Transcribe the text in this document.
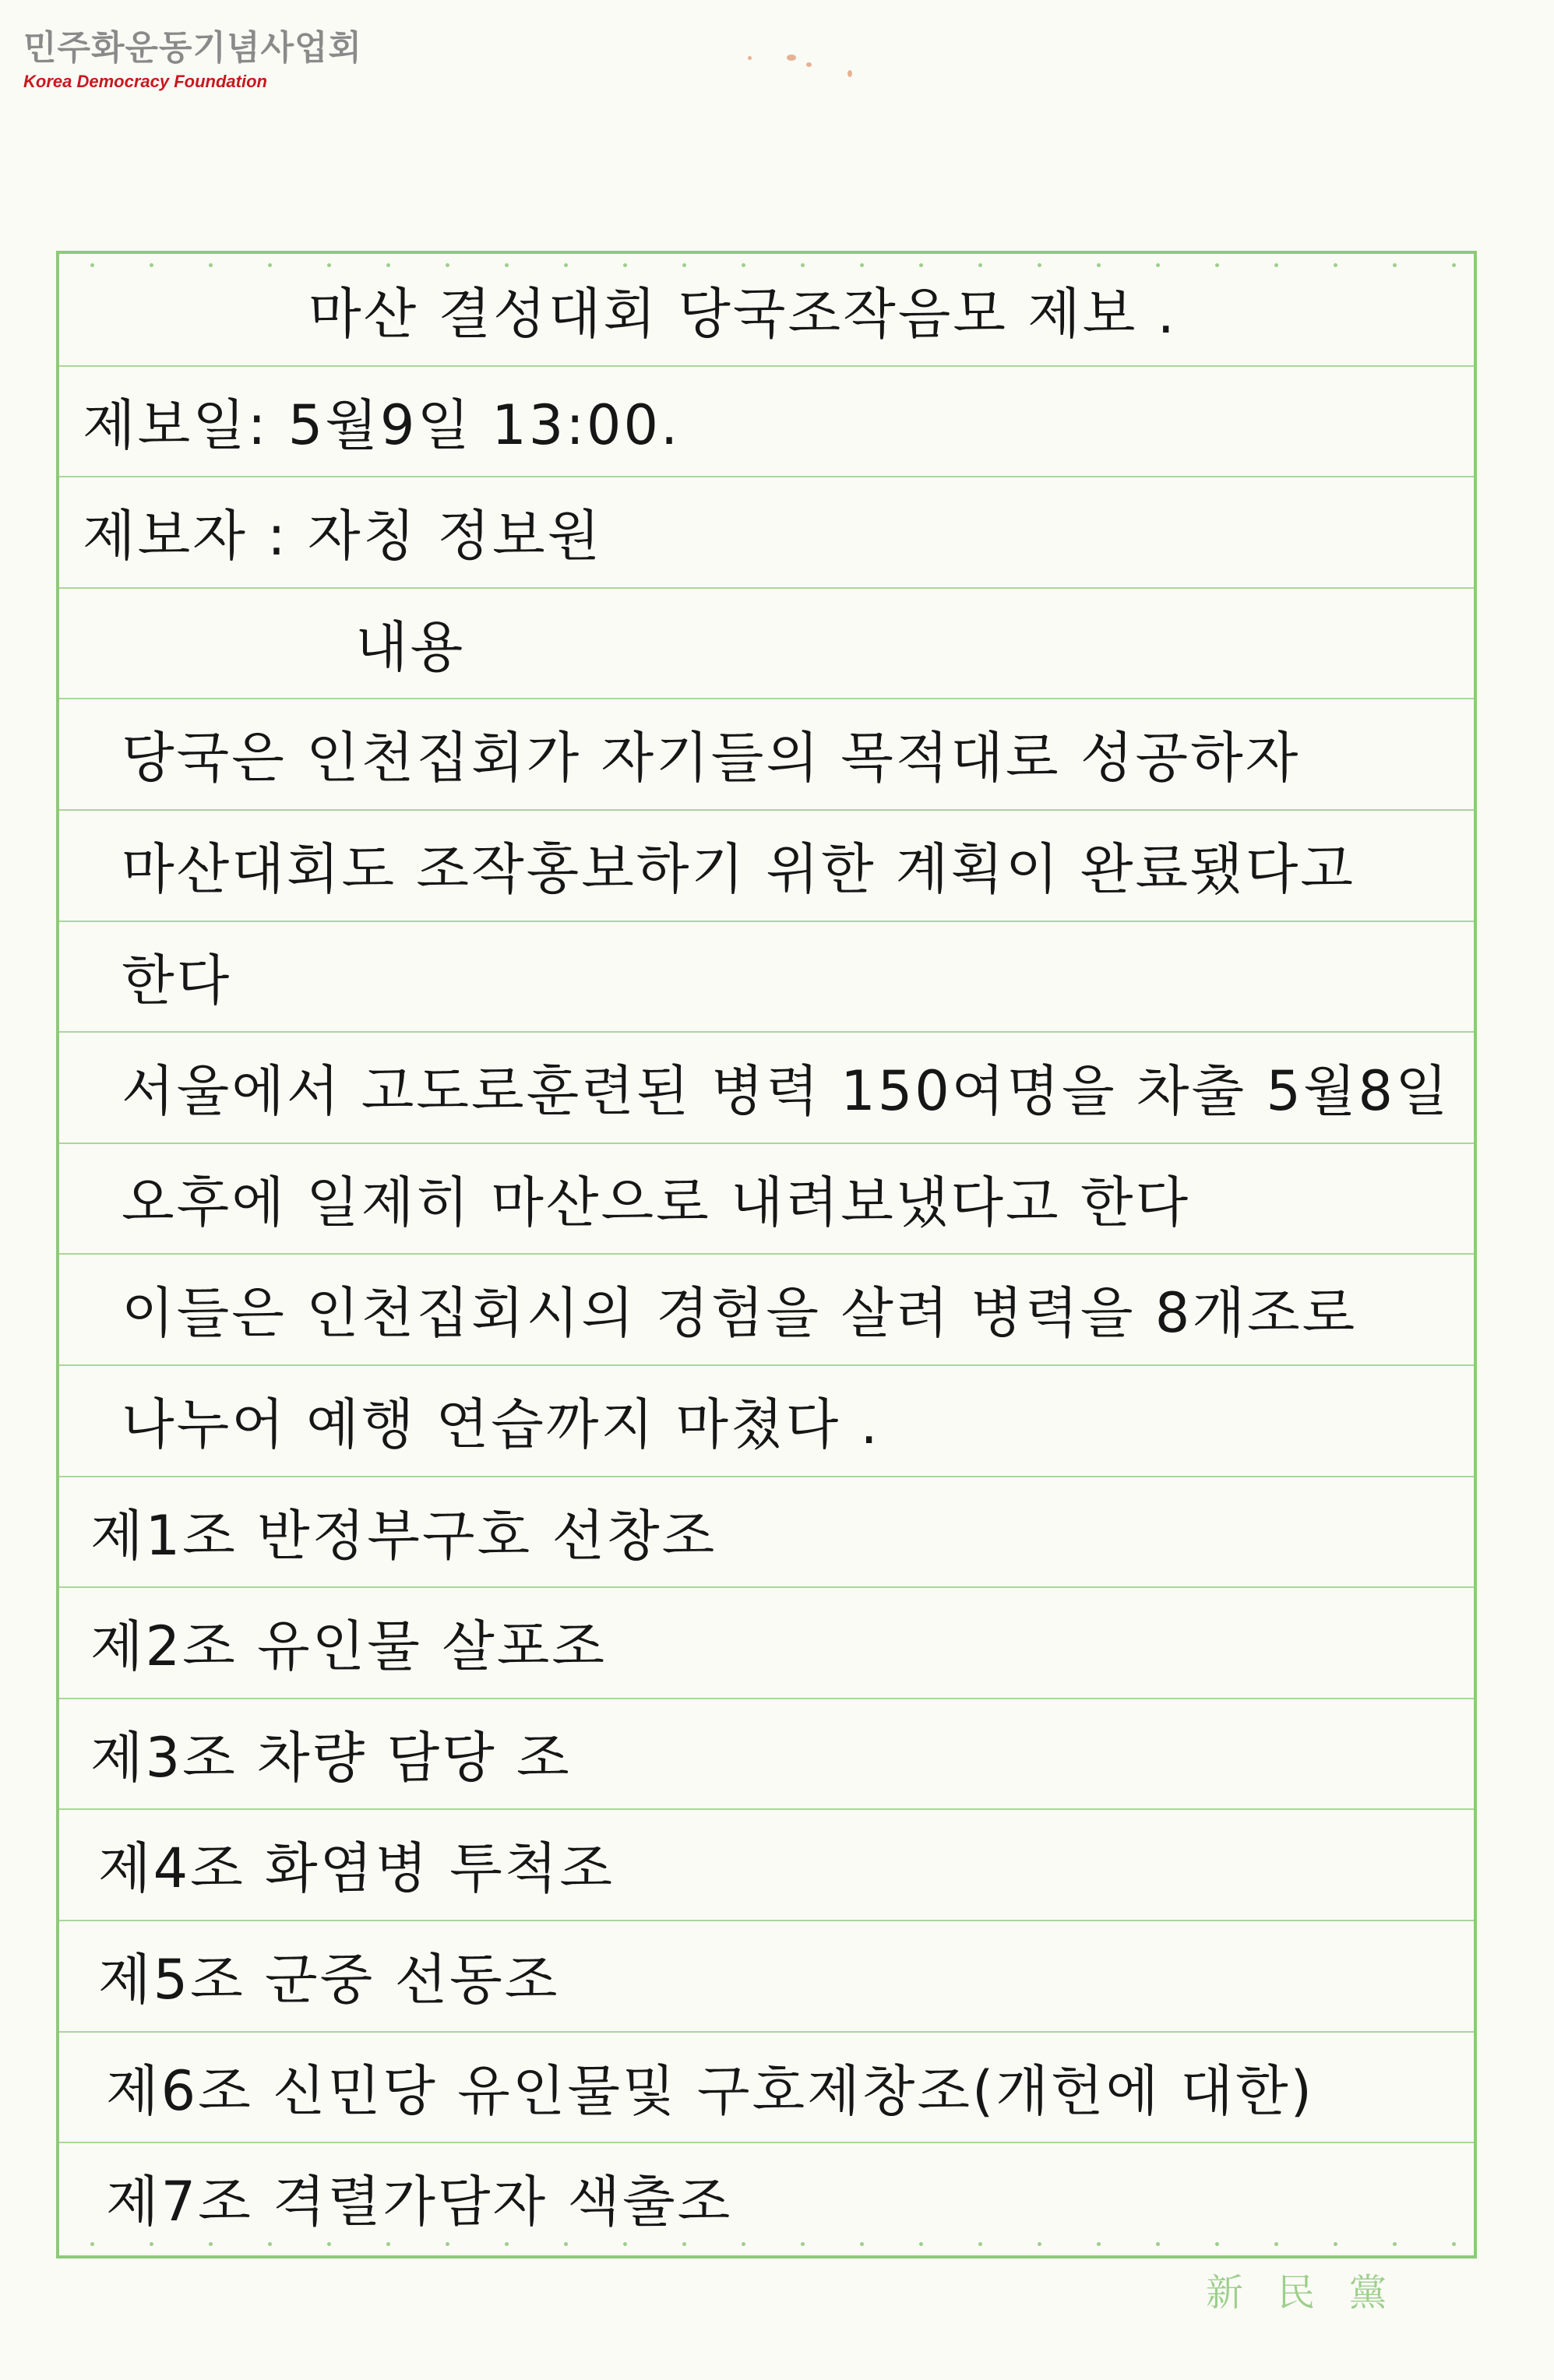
민주화운동기념사업회
Korea Democracy Foundation
마산 결성대회 당국조작음모 제보 .
제보일: 5월9일 13:00.
제보자 : 자칭 정보원
내용
당국은 인천집회가 자기들의 목적대로 성공하자
마산대회도 조작홍보하기 위한 계획이 완료됐다고
한다
서울에서 고도로훈련된 병력 150여명을 차출 5월8일
오후에 일제히 마산으로 내려보냈다고 한다
이들은 인천집회시의 경험을 살려 병력을 8개조로
나누어 예행 연습까지 마쳤다 .
제1조 반정부구호 선창조
제2조 유인물 살포조
제3조 차량 담당 조
제4조 화염병 투척조
제5조 군중 선동조
제6조 신민당 유인물및 구호제창조(개헌에 대한)
제7조 격렬가담자 색출조
新民黨
